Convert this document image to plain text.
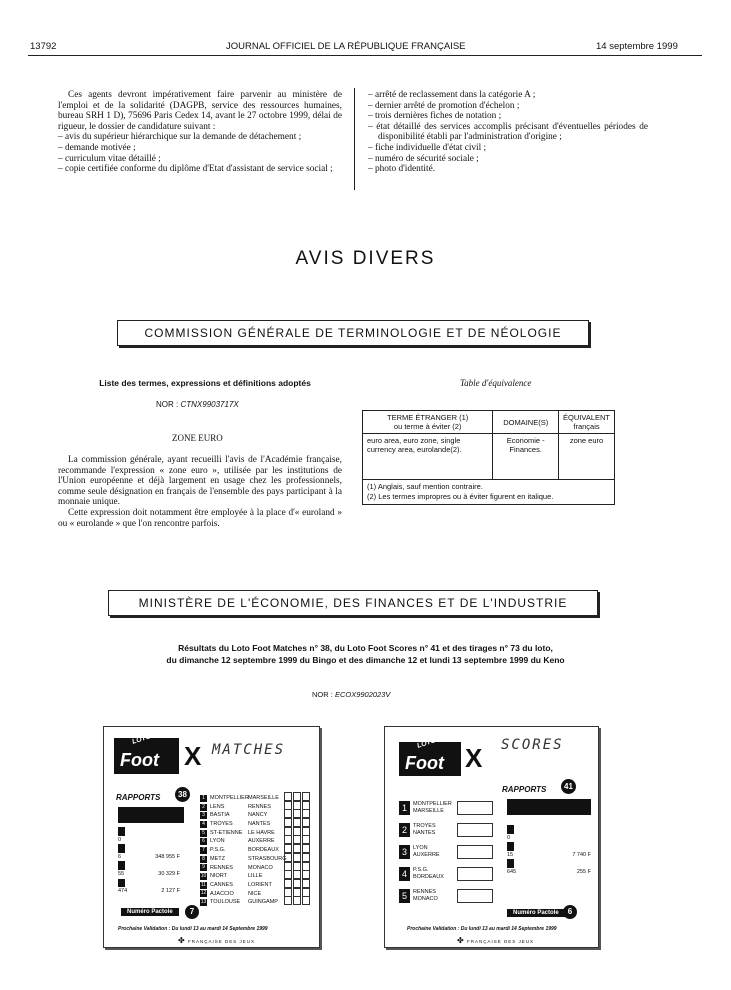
13792	JOURNAL OFFICIEL DE LA RÉPUBLIQUE FRANÇAISE	14 septembre 1999

Ces agents devront impérativement faire parvenir au ministère de l'emploi et de la solidarité (DAGPB, service des ressources humaines, bureau SRH 1 D), 75696 Paris Cedex 14, avant le 27 octobre 1999, délai de rigueur, le dossier de candidature suivant :

– avis du supérieur hiérarchique sur la demande de détachement ;
– demande motivée ;
– curriculum vitae détaillé ;
– copie certifiée conforme du diplôme d'Etat d'assistant de service social ;
– arrêté de reclassement dans la catégorie A ;
– dernier arrêté de promotion d'échelon ;
– trois dernières fiches de notation ;
– état détaillé des services accomplis précisant d'éventuelles périodes de disponibilité établi par l'administration d'origine ;
– fiche individuelle d'état civil ;
– numéro de sécurité sociale ;
– photo d'identité.
AVIS DIVERS
COMMISSION GÉNÉRALE DE TERMINOLOGIE ET DE NÉOLOGIE
Liste des termes, expressions et définitions adoptés
NOR : CTNX9903717X
ZONE EURO

La commission générale, ayant recueilli l'avis de l'Académie française, recommande l'expression « zone euro », utilisée par les institutions de l'Union européenne et déjà largement en usage chez les professionnels, comme seule désignation en français de l'ensemble des pays participant à la monnaie unique.

Cette expression doit notamment être employée à la place d'« euroland » ou « eurolande » que l'on rencontre parfois.

Table d'équivalence
TERME ÉTRANGER (1)
ou terme à éviter (2)	DOMAINE(S)	ÉQUIVALENT
français
euro area, euro zone, single currency area, eurolande(2).	Economie - Finances.	zone euro
(1) Anglais, sauf mention contraire.
(2) Les termes impropres ou à éviter figurent en italique.		
MINISTÈRE DE L'ÉCONOMIE, DES FINANCES ET DE L'INDUSTRIE
Résultats du Loto Foot Matches n° 38, du Loto Foot Scores n° 41 et des tirages n° 73 du loto,
du dimanche 12 septembre 1999 du Bingo et des dimanche 12 et lundi 13 septembre 1999 du Keno
NOR : ECOX9902023V
LOTO
Foot X MATCHES
RAPPORTS	38

0

6	348 955 F

55	30 329 F

474	2 127 F
1 MONTPELLIER MARSEILLE
2 LENS	RENNES
3 BASTIA	NANCY
4 TROYES	NANTES
5 ST-ETIENNE	LE HAVRE
6 LYON	AUXERRE
7 P.S.G.	BORDEAUX
8 METZ	STRASBOURG
9 RENNES	MONACO
10 NIORT	LILLE
11 CANNES	LORIENT
12 AJACCIO	NICE
13 TOULOUSE	GUINGAMP
Numéro Pactole	7
Prochaine Validation : Du lundi 13 au mardi 14 Septembre 1999
✤ FRANÇAISE DES JEUX
LOTO
Foot X SCORES
RAPPORTS	41
1	MONTPELLIER
MARSEILLE
2	TROYES
NANTES
3	LYON
AUXERRE
4	P.S.G.
BORDEAUX
5	RENNES
MONACO

0

15	7 740 F

645	255 F
Numéro Pactole	6
Prochaine Validation : Du lundi 13 au mardi 14 Septembre 1999
✤ FRANÇAISE DES JEUX
